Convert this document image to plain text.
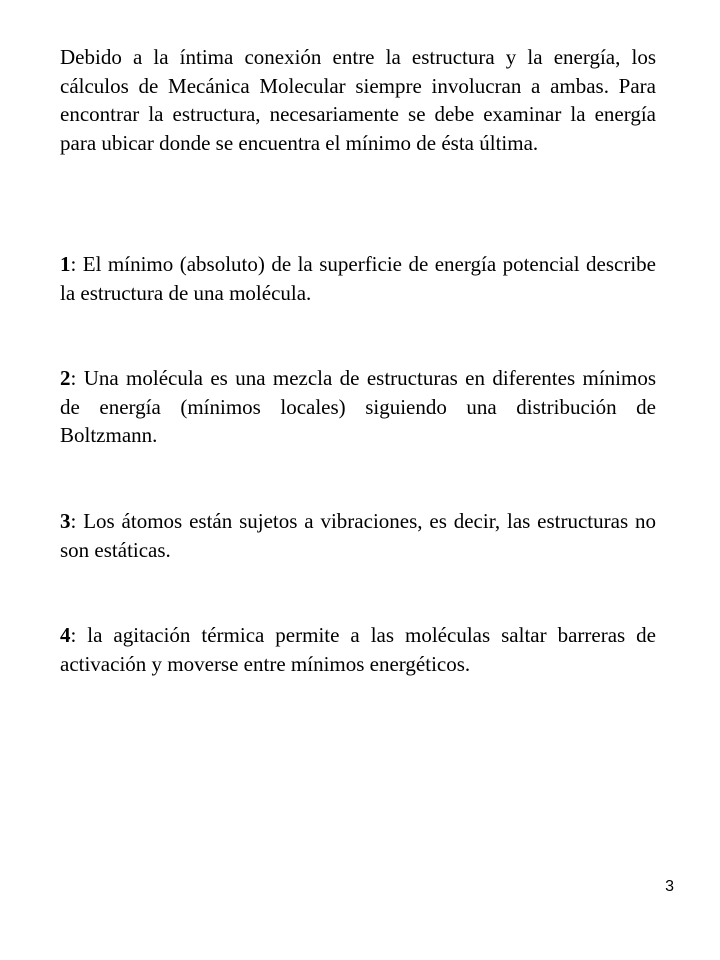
Debido a la íntima conexión entre la estructura y la energía, los cálculos de Mecánica Molecular siempre involucran a ambas. Para encontrar la estructura, necesariamente se debe examinar la energía para ubicar donde se encuentra el mínimo de ésta última.

1: El mínimo (absoluto) de la superficie de energía potencial describe la estructura de una molécula.

2: Una molécula es una mezcla de estructuras en diferentes mínimos de energía (mínimos locales) siguiendo una distribución de Boltzmann.

3: Los átomos están sujetos a vibraciones, es decir, las estructuras no son estáticas.

4: la agitación térmica permite a las moléculas saltar barreras de activación y moverse entre mínimos energéticos.

3
